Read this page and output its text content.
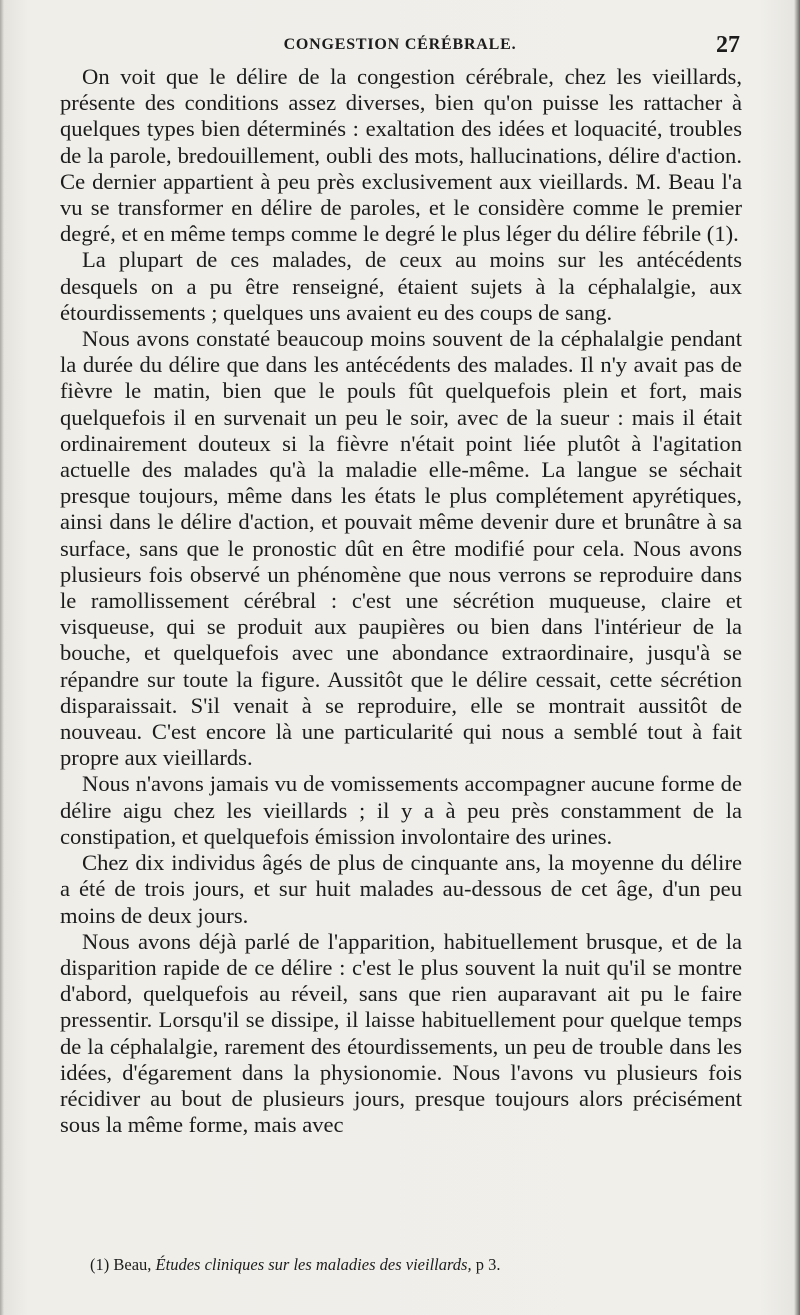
CONGESTION CÉRÉBRALE.	27

On voit que le délire de la congestion cérébrale, chez les vieillards, présente des conditions assez diverses, bien qu'on puisse les rattacher à quelques types bien déterminés : exaltation des idées et loquacité, troubles de la parole, bredouillement, oubli des mots, hallucinations, délire d'action. Ce dernier appartient à peu près exclusivement aux vieillards. M. Beau l'a vu se transformer en délire de paroles, et le considère comme le premier degré, et en même temps comme le degré le plus léger du délire fébrile (1).

La plupart de ces malades, de ceux au moins sur les antécédents desquels on a pu être renseigné, étaient sujets à la céphalalgie, aux étourdissements ; quelques uns avaient eu des coups de sang.

Nous avons constaté beaucoup moins souvent de la céphalalgie pendant la durée du délire que dans les antécédents des malades. Il n'y avait pas de fièvre le matin, bien que le pouls fût quelquefois plein et fort, mais quelquefois il en survenait un peu le soir, avec de la sueur : mais il était ordinairement douteux si la fièvre n'était point liée plutôt à l'agitation actuelle des malades qu'à la maladie elle-même. La langue se séchait presque toujours, même dans les états le plus complétement apyrétiques, ainsi dans le délire d'action, et pouvait même devenir dure et brunâtre à sa surface, sans que le pronostic dût en être modifié pour cela. Nous avons plusieurs fois observé un phénomène que nous verrons se reproduire dans le ramollissement cérébral : c'est une sécrétion muqueuse, claire et visqueuse, qui se produit aux paupières ou bien dans l'intérieur de la bouche, et quelquefois avec une abondance extraordinaire, jusqu'à se répandre sur toute la figure. Aussitôt que le délire cessait, cette sécrétion disparaissait. S'il venait à se reproduire, elle se montrait aussitôt de nouveau. C'est encore là une particularité qui nous a semblé tout à fait propre aux vieillards.

Nous n'avons jamais vu de vomissements accompagner aucune forme de délire aigu chez les vieillards ; il y a à peu près constamment de la constipation, et quelquefois émission involontaire des urines.

Chez dix individus âgés de plus de cinquante ans, la moyenne du délire a été de trois jours, et sur huit malades au-dessous de cet âge, d'un peu moins de deux jours.

Nous avons déjà parlé de l'apparition, habituellement brusque, et de la disparition rapide de ce délire : c'est le plus souvent la nuit qu'il se montre d'abord, quelquefois au réveil, sans que rien auparavant ait pu le faire pressentir. Lorsqu'il se dissipe, il laisse habituellement pour quelque temps de la céphalalgie, rarement des étourdissements, un peu de trouble dans les idées, d'égarement dans la physionomie. Nous l'avons vu plusieurs fois récidiver au bout de plusieurs jours, presque toujours alors précisément sous la même forme, mais avec

(1) Beau, Études cliniques sur les maladies des vieillards, p 3.
